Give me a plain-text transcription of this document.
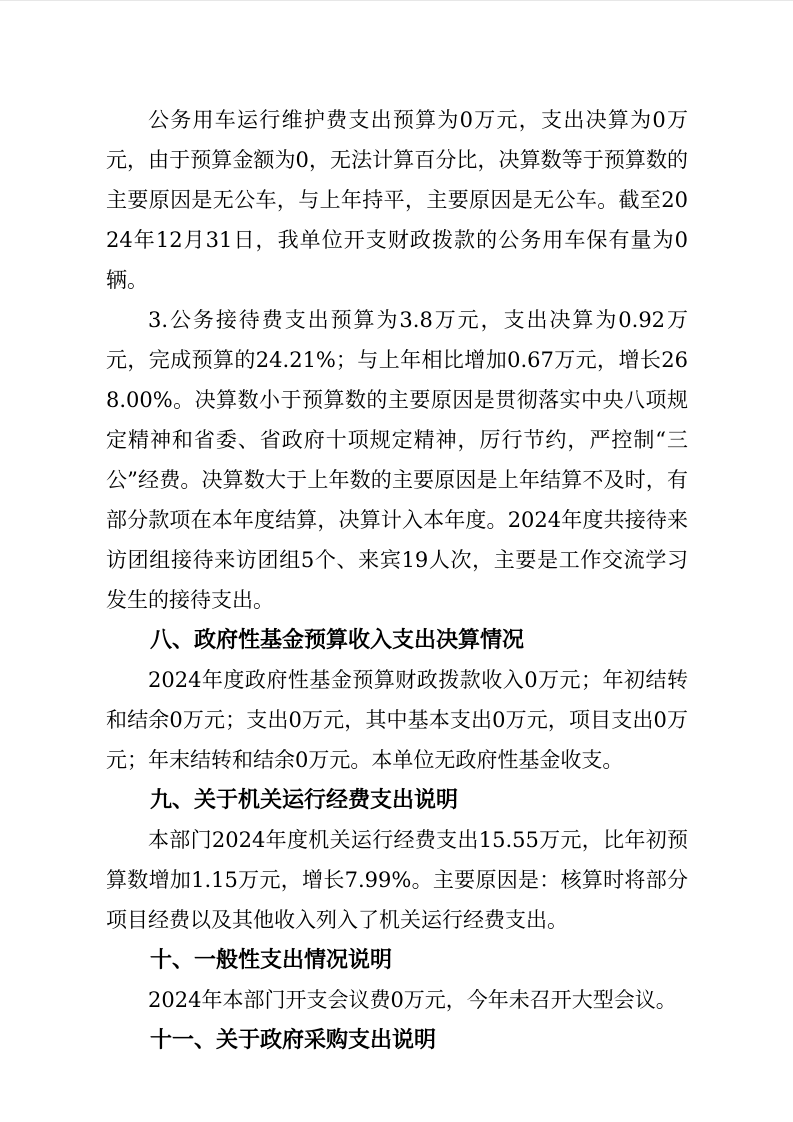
公务用车运行维护费支出预算为0万元，支出决算为0万元，由于预算金额为0，无法计算百分比，决算数等于预算数的主要原因是无公车，与上年持平，主要原因是无公车。截至2024年12月31日，我单位开支财政拨款的公务用车保有量为0辆。

3.公务接待费支出预算为3.8万元，支出决算为0.92万元，完成预算的24.21%；与上年相比增加0.67万元，增长268.00%。决算数小于预算数的主要原因是贯彻落实中央八项规定精神和省委、省政府十项规定精神，厉行节约，严控制“三公”经费。决算数大于上年数的主要原因是上年结算不及时，有部分款项在本年度结算，决算计入本年度。2024年度共接待来访团组接待来访团组5个、来宾19人次，主要是工作交流学习发生的接待支出。

八、政府性基金预算收入支出决算情况

2024年度政府性基金预算财政拨款收入0万元；年初结转和结余0万元；支出0万元，其中基本支出0万元，项目支出0万元；年末结转和结余0万元。本单位无政府性基金收支。

九、关于机关运行经费支出说明

本部门2024年度机关运行经费支出15.55万元，比年初预算数增加1.15万元，增长7.99%。主要原因是：核算时将部分项目经费以及其他收入列入了机关运行经费支出。

十、一般性支出情况说明

2024年本部门开支会议费0万元，今年未召开大型会议。

十一、关于政府采购支出说明
